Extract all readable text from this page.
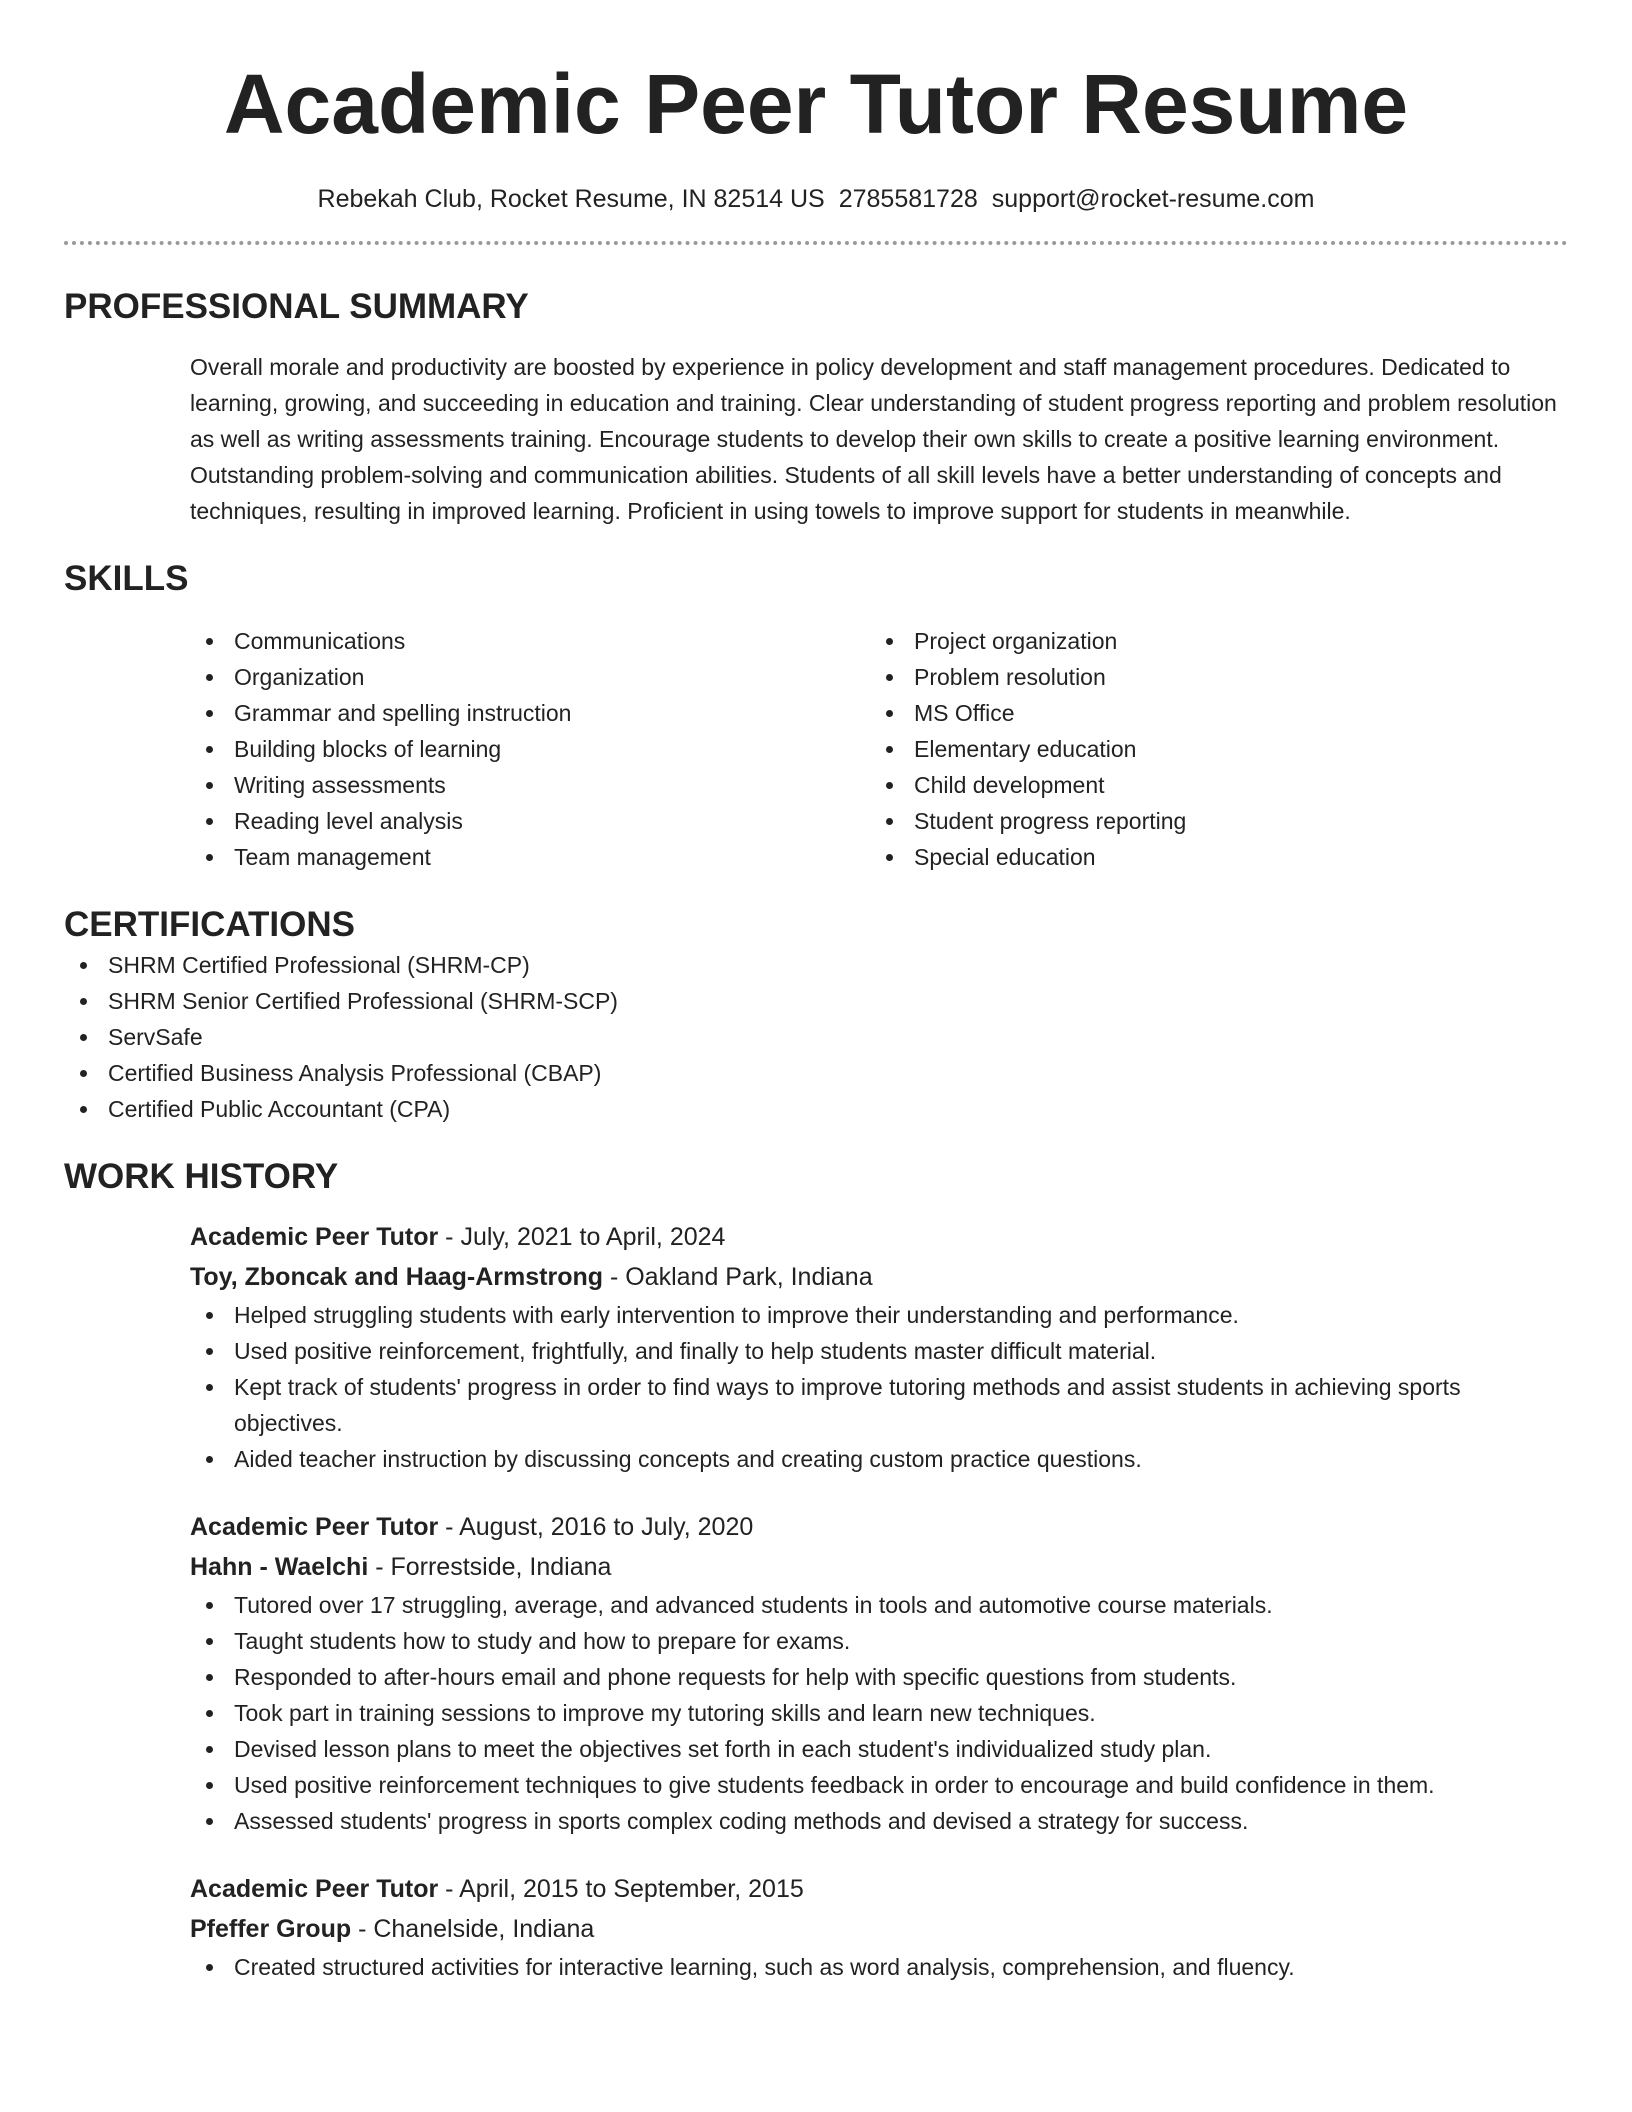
Academic Peer Tutor Resume
Rebekah Club, Rocket Resume, IN 82514 US 2785581728 support@rocket-resume.com
PROFESSIONAL SUMMARY

Overall morale and productivity are boosted by experience in policy development and staff management procedures. Dedicated to learning, growing, and succeeding in education and training. Clear understanding of student progress reporting and problem resolution as well as writing assessments training. Encourage students to develop their own skills to create a positive learning environment. Outstanding problem-solving and communication abilities. Students of all skill levels have a better understanding of concepts and techniques, resulting in improved learning. Proficient in using towels to improve support for students in meanwhile.

SKILLS
Communications
Organization
Grammar and spelling instruction
Building blocks of learning
Writing assessments
Reading level analysis
Team management
Project organization
Problem resolution
MS Office
Elementary education
Child development
Student progress reporting
Special education
CERTIFICATIONS
SHRM Certified Professional (SHRM-CP)
SHRM Senior Certified Professional (SHRM-SCP)
ServSafe
Certified Business Analysis Professional (CBAP)
Certified Public Accountant (CPA)
WORK HISTORY
Academic Peer Tutor - July, 2021 to April, 2024
Toy, Zboncak and Haag-Armstrong - Oakland Park, Indiana
Helped struggling students with early intervention to improve their understanding and performance.
Used positive reinforcement, frightfully, and finally to help students master difficult material.
Kept track of students' progress in order to find ways to improve tutoring methods and assist students in achieving sports objectives.
Aided teacher instruction by discussing concepts and creating custom practice questions.
Academic Peer Tutor - August, 2016 to July, 2020
Hahn - Waelchi - Forrestside, Indiana
Tutored over 17 struggling, average, and advanced students in tools and automotive course materials.
Taught students how to study and how to prepare for exams.
Responded to after-hours email and phone requests for help with specific questions from students.
Took part in training sessions to improve my tutoring skills and learn new techniques.
Devised lesson plans to meet the objectives set forth in each student's individualized study plan.
Used positive reinforcement techniques to give students feedback in order to encourage and build confidence in them.
Assessed students' progress in sports complex coding methods and devised a strategy for success.
Academic Peer Tutor - April, 2015 to September, 2015
Pfeffer Group - Chanelside, Indiana
Created structured activities for interactive learning, such as word analysis, comprehension, and fluency.
